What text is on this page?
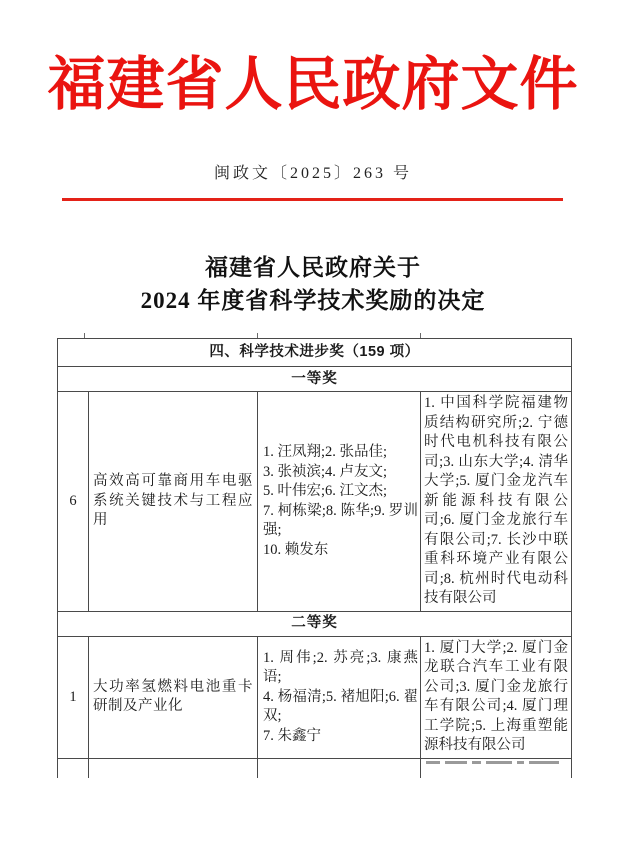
福建省人民政府文件
闽政文〔2025〕263 号
福建省人民政府关于
2024 年度省科学技术奖励的决定
四、科学技术进步奖（159 项）			
一等奖			
6	高效高可靠商用车电驱系统关键技术与工程应用	1. 汪凤翔;2. 张品佳;
3. 张祯滨;4. 卢友文;
5. 叶伟宏;6. 江文杰;
7. 柯栋梁;8. 陈华;9. 罗训强;
10. 赖发东	1. 中国科学院福建物质结构研究所;2. 宁德时代电机科技有限公司;3. 山东大学;4. 清华大学;5. 厦门金龙汽车新能源科技有限公司;6. 厦门金龙旅行车有限公司;7. 长沙中联重科环境产业有限公司;8. 杭州时代电动科技有限公司
二等奖			
1	大功率氢燃料电池重卡研制及产业化	1. 周伟;2. 苏亮;3. 康燕语;
4. 杨福清;5. 褚旭阳;6. 翟双;
7. 朱鑫宁	1. 厦门大学;2. 厦门金龙联合汽车工业有限公司;3. 厦门金龙旅行车有限公司;4. 厦门理工学院;5. 上海重塑能源科技有限公司
